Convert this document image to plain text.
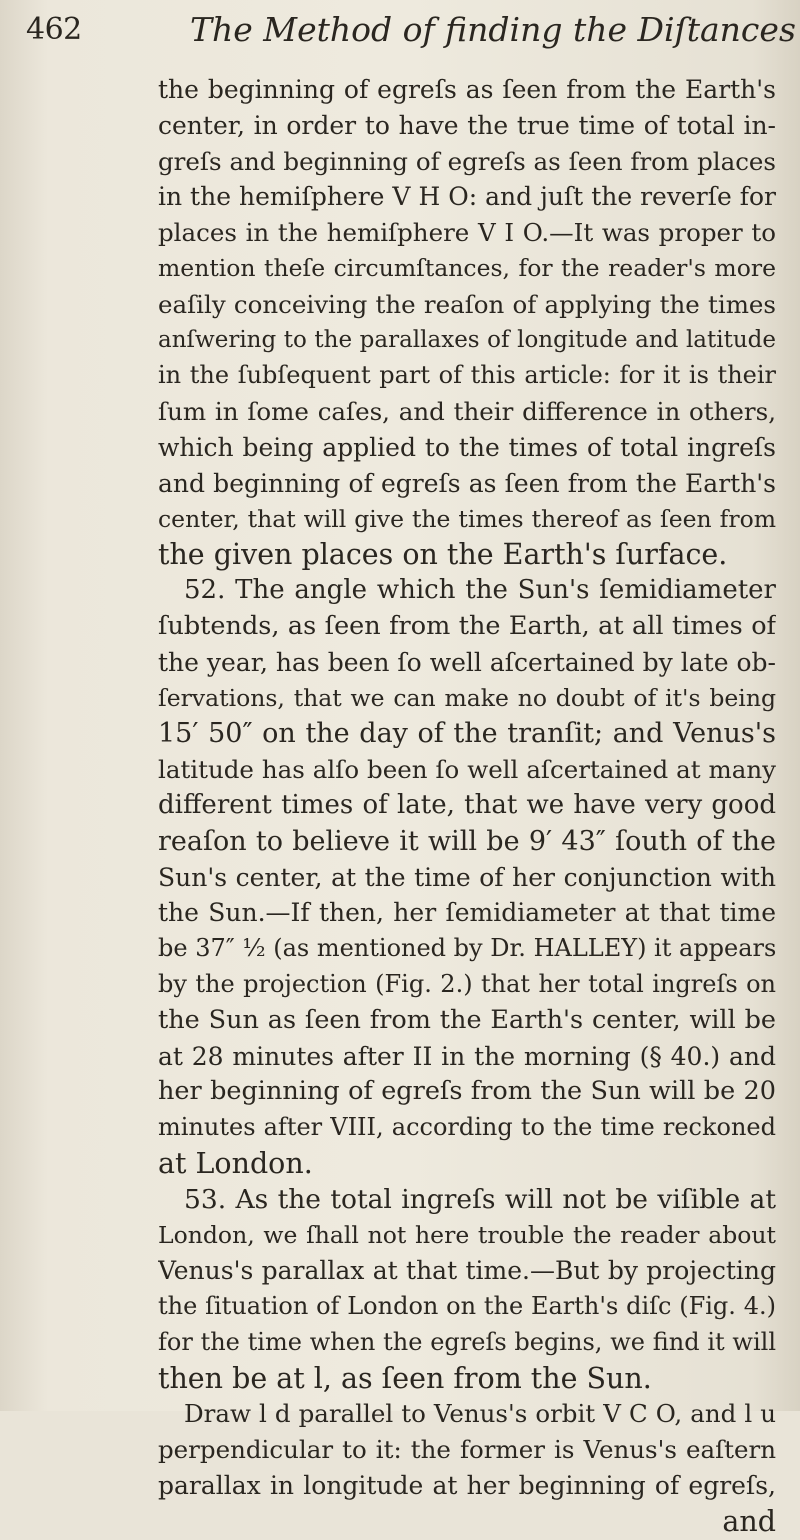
462	The Method of finding the Diſtances
the beginning of egreſs as ſeen from the Earth's
center, in order to have the true time of total in-
greſs and beginning of egreſs as ſeen from places
in the hemiſphere V H O: and juſt the reverſe for
places in the hemiſphere V I O.—It was proper to
mention theſe circumſtances, for the reader's more
eaſily conceiving the reaſon of applying the times
anſwering to the parallaxes of longitude and latitude
in the ſubſequent part of this article: for it is their
ſum in ſome caſes, and their difference in others,
which being applied to the times of total ingreſs
and beginning of egreſs as ſeen from the Earth's
center, that will give the times thereof as ſeen from
the given places on the Earth's ſurface.
52. The angle which the Sun's ſemidiameter
ſubtends, as ſeen from the Earth, at all times of
the year, has been ſo well aſcertained by late ob-
ſervations, that we can make no doubt of it's being
15′ 50″ on the day of the tranſit; and Venus's
latitude has alſo been ſo well aſcertained at many
different times of late, that we have very good
reaſon to believe it will be 9′ 43″ ſouth of the
Sun's center, at the time of her conjunction with
the Sun.—If then, her ſemidiameter at that time
be 37″ ½ (as mentioned by Dr. HALLEY) it appears
by the projection (Fig. 2.) that her total ingreſs on
the Sun as ſeen from the Earth's center, will be
at 28 minutes after II in the morning (§ 40.) and
her beginning of egreſs from the Sun will be 20
minutes after VIII, according to the time reckoned
at London.
53. As the total ingreſs will not be viſible at
London, we ſhall not here trouble the reader about
Venus's parallax at that time.—But by projecting
the ſituation of London on the Earth's diſc (Fig. 4.)
for the time when the egreſs begins, we find it will
then be at l, as ſeen from the Sun.
Draw l d parallel to Venus's orbit V C O, and l u
perpendicular to it: the former is Venus's eaſtern
parallax in longitude at her beginning of egreſs,
and
